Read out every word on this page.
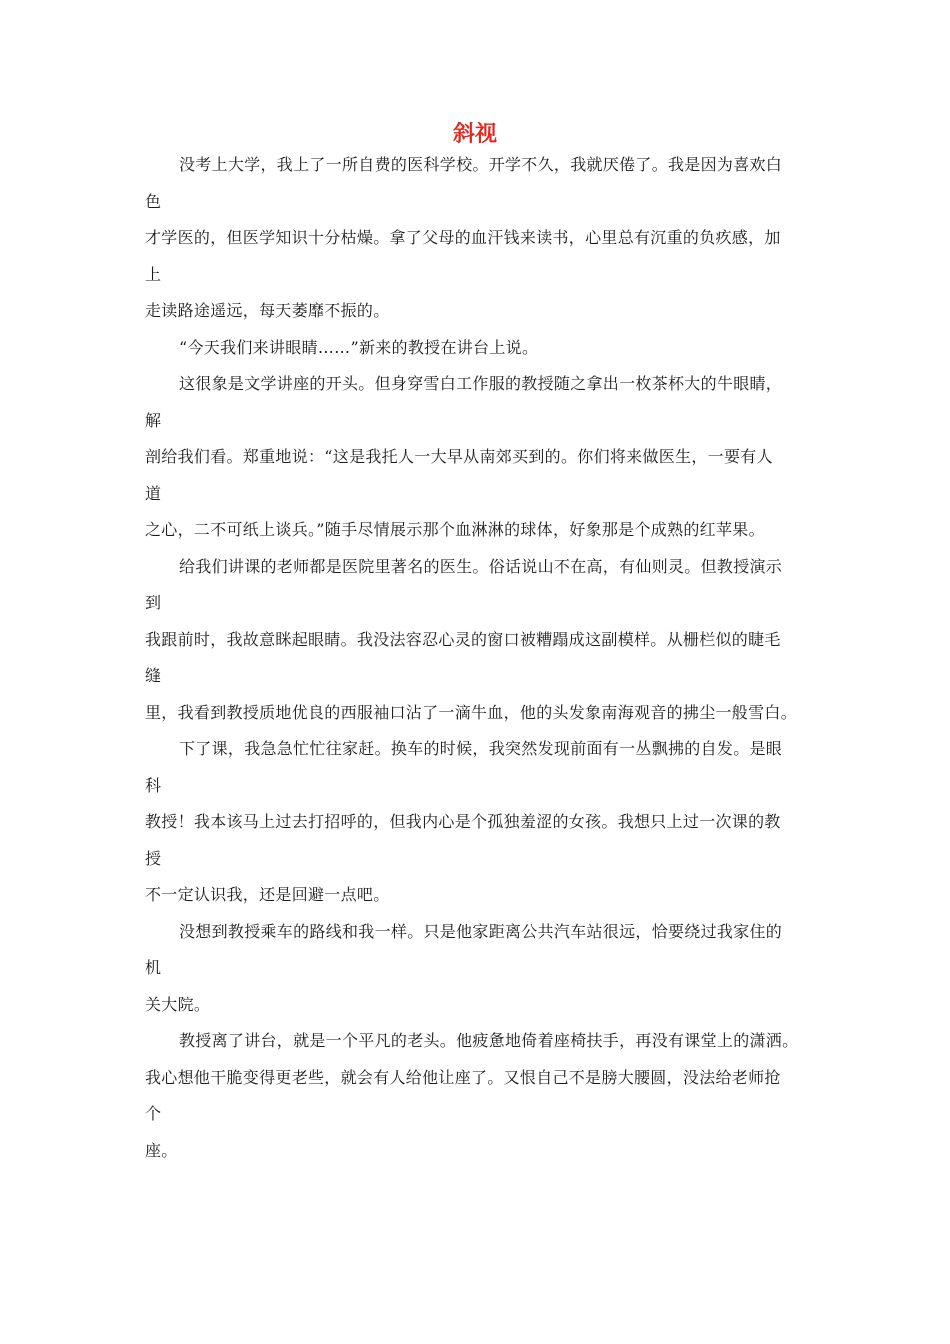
斜视
没考上大学，我上了一所自费的医科学校。开学不久，我就厌倦了。我是因为喜欢白
色
才学医的，但医学知识十分枯燥。拿了父母的血汗钱来读书，心里总有沉重的负疚感，加
上
走读路途遥远，每天萎靡不振的。
“今天我们来讲眼睛……”新来的教授在讲台上说。
这很象是文学讲座的开头。但身穿雪白工作服的教授随之拿出一枚茶杯大的牛眼睛，
解
剖给我们看。郑重地说：“这是我托人一大早从南郊买到的。你们将来做医生，一要有人
道
之心，二不可纸上谈兵。”随手尽情展示那个血淋淋的球体，好象那是个成熟的红苹果。
给我们讲课的老师都是医院里著名的医生。俗话说山不在高，有仙则灵。但教授演示
到
我跟前时，我故意眯起眼睛。我没法容忍心灵的窗口被糟蹋成这副模样。从栅栏似的睫毛
缝
里，我看到教授质地优良的西服袖口沾了一滴牛血，他的头发象南海观音的拂尘一般雪白。
下了课，我急急忙忙往家赶。换车的时候，我突然发现前面有一丛飘拂的自发。是眼
科
教授！我本该马上过去打招呼的，但我内心是个孤独羞涩的女孩。我想只上过一次课的教
授
不一定认识我，还是回避一点吧。
没想到教授乘车的路线和我一样。只是他家距离公共汽车站很远，恰要绕过我家住的
机
关大院。
教授离了讲台，就是一个平凡的老头。他疲惫地倚着座椅扶手，再没有课堂上的潇洒。
我心想他干脆变得更老些，就会有人给他让座了。又恨自己不是膀大腰圆，没法给老师抢
个
座。
